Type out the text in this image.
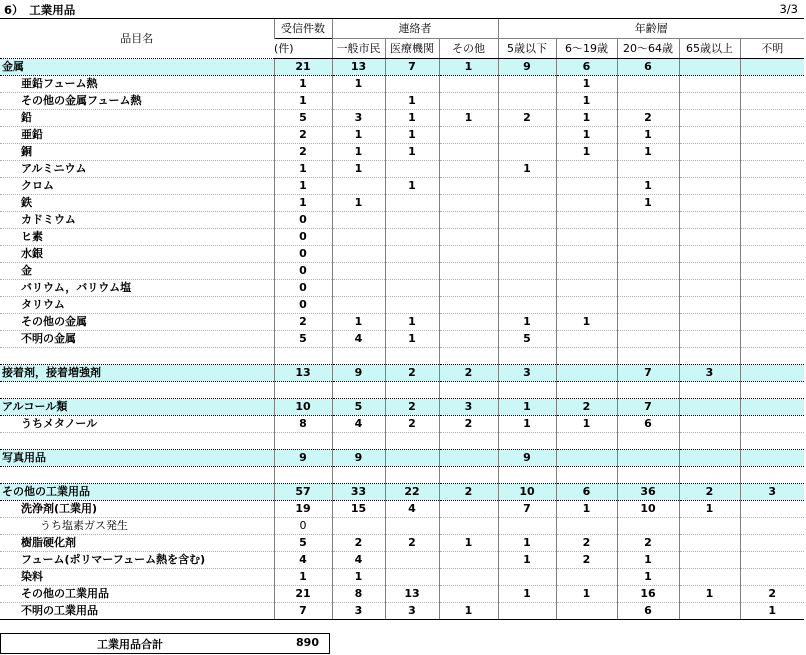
6）　工業用品	3/3
品目名	受信件数	連絡者			年齢層				
	(件)	一般市民	医療機関	その他	5歳以下	6～19歳	20～64歳	65歳以上	不明
金属	21	13	7	1	9	6	6		
亜鉛フューム熱	1	1				1			
その他の金属フューム熱	1		1			1			
鉛	5	3	1	1	2	1	2		
亜鉛	2	1	1			1	1		
銅	2	1	1			1	1		
アルミニウム	1	1			1				
クロム	1		1				1		
鉄	1	1					1		
カドミウム	0								
ヒ素	0								
水銀	0								
金	0								
バリウム，バリウム塩	0								
タリウム	0								
その他の金属	2	1	1		1	1			
不明の金属	5	4	1		5				

接着剤，接着増強剤	13	9	2	2	3		7	3	

アルコール類	10	5	2	3	1	2	7		
うちメタノール	8	4	2	2	1	1	6		

写真用品	9	9			9				

その他の工業用品	57	33	22	2	10	6	36	2	3
洗浄剤(工業用)	19	15	4		7	1	10	1	
うち塩素ガス発生	0								
樹脂硬化剤	5	2	2	1	1	2	2		
フューム(ポリマーフューム熱を含む)	4	4			1	2	1		
染料	1	1					1		
その他の工業用品	21	8	13		1	1	16	1	2
不明の工業用品	7	3	3	1			6		1
工業用品合計	890
